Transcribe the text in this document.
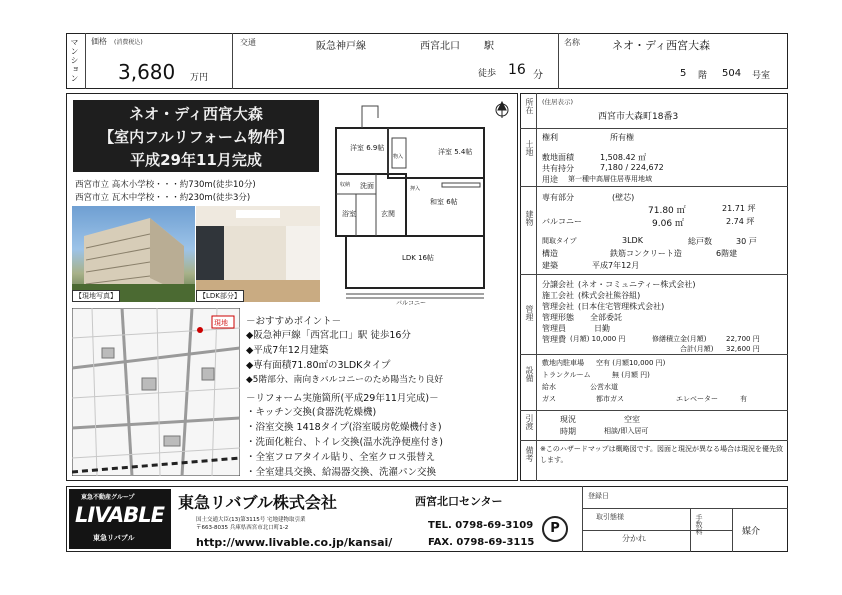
マンション 価格 (消費税込)
3,680 万円
交通	阪急神戸線	西宮北口 駅
徒歩 16 分
名称	ネオ・ディ西宮大森
5 階 504 号室
ネオ・ディ西宮大森
【室内フルリフォーム物件】
平成29年11月完成
西宮市立 高木小学校・・・約730m(徒歩10分)
西宮市立 瓦木中学校・・・約230m(徒歩3分)
【現地写真】	【LDK部分】
洋室 6.9帖	洋室 5.4帖
和室 6帖
LDK 16帖
浴室
洗面
玄関
物入
収納
押入
バルコニー
現地 －おすすめポイント－
◆阪急神戸線「西宮北口」駅 徒歩16分
◆平成7年12月建築
◆専有面積71.80㎡の3LDKタイプ
◆5階部分、南向きバルコニーのため陽当たり良好
－リフォーム実施箇所(平成29年11月完成)－
・キッチン交換(食器洗乾燥機)
・浴室交換 1418タイプ(浴室暖房乾燥機付き)
・洗面化粧台、トイレ交換(温水洗浄便座付き)
・全室フロアタイル貼り、全室クロス張替え
・全室建具交換、給湯器交換、洗濯パン交換
所在 (住居表示)
西宮市大森町18番3
土地
権利	所有権
敷地面積	1,508.42 ㎡
共有持分	7,180 / 224,672
用途 第一種中高層住居専用地域
建物
専有部分	(壁芯)
71.80 ㎡	21.71 坪
バルコニー	9.06 ㎡	2.74 坪
間取タイプ	3LDK	総戸数	30 戸
構造	鉄筋コンクリート造	6階建
建築	平成7年12月
管理
分譲会社 (ネオ・コミュニティー株式会社)
施工会社 (株式会社熊谷組)
管理会社 (日本住宅管理株式会社)
管理形態 全部委託
管理員	日勤
管理費 (月額) 10,000 円	修繕積立金(月額)	22,700 円
合計(月額) 32,600 円
設備
敷地内駐車場 空有 (月額10,000 円)
トランクルーム	無 (月額 円)
給水	公営水道
ガス	都市ガス	エレベーター	有
引渡	現況	空室
時期	相談/即入居可
備考 ※このハザードマップは概略図です。図面と現況が異なる場合は現況を優先致します。
東急不動産グループ
LIVABLE
東急リバブル
東急リバブル株式会社	西宮北口センター
国土交通大臣(13)第3115号 宅地建物取引業
〒663-8035 兵庫県西宮市北口町1-2	TEL. 0798-69-3109
FAX. 0798-69-3115
http://www.livable.co.jp/kansai/
P
登録日
取引態様
分かれ
手数料	媒介
